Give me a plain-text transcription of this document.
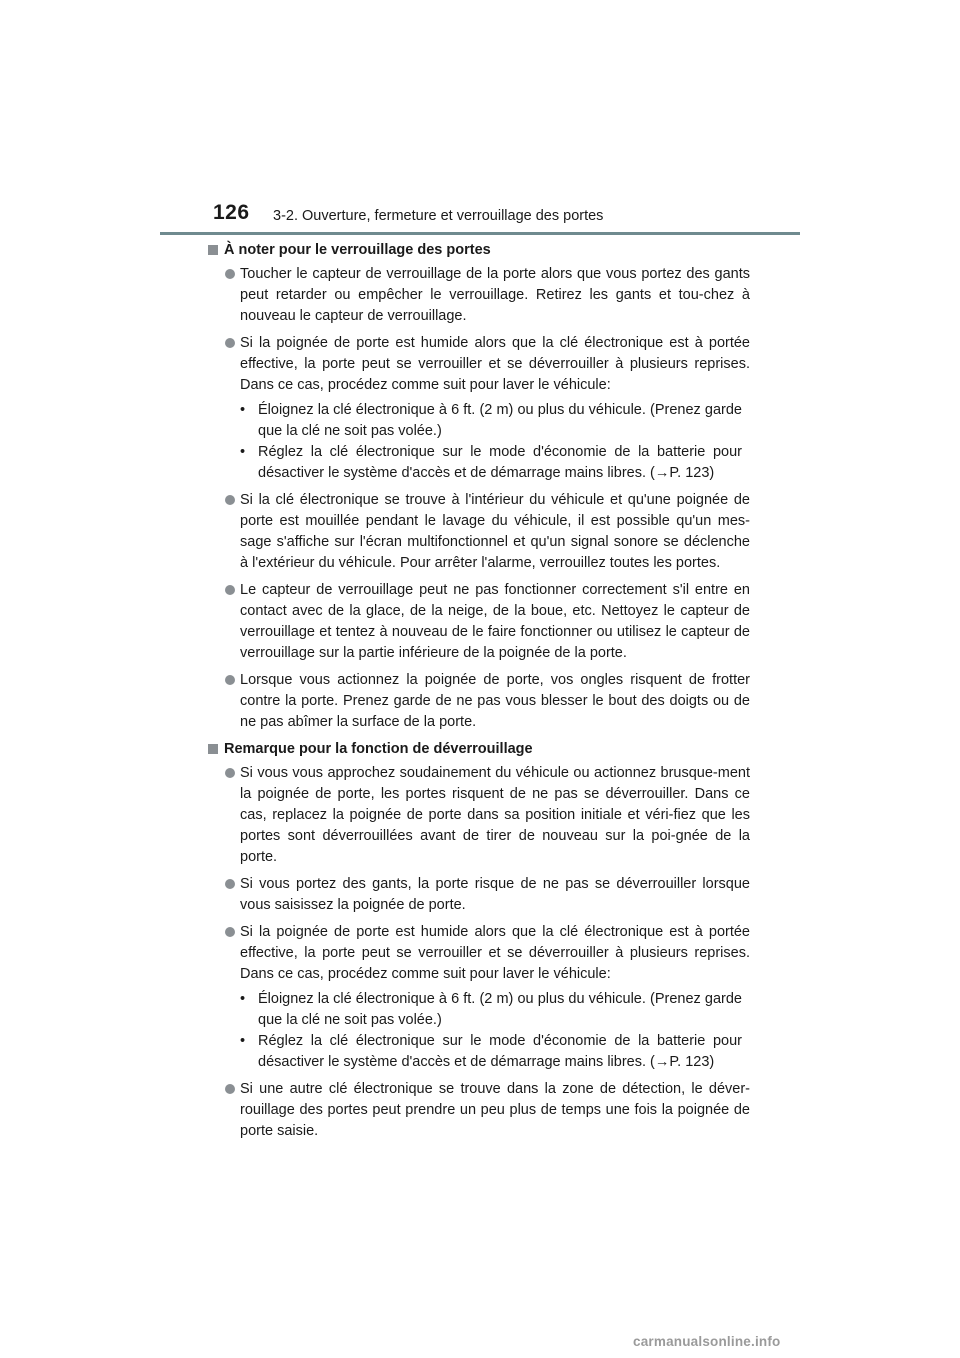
126 3-2. Ouverture, fermeture et verrouillage des portes
À noter pour le verrouillage des portes
Toucher le capteur de verrouillage de la porte alors que vous portez des gants peut retarder ou empêcher le verrouillage. Retirez les gants et tou-chez à nouveau le capteur de verrouillage.
Si la poignée de porte est humide alors que la clé électronique est à portée effective, la porte peut se verrouiller et se déverrouiller à plusieurs reprises. Dans ce cas, procédez comme suit pour laver le véhicule:
• Éloignez la clé électronique à 6 ft. (2 m) ou plus du véhicule. (Prenez garde que la clé ne soit pas volée.)
• Réglez la clé électronique sur le mode d'économie de la batterie pour désactiver le système d'accès et de démarrage mains libres. (→P. 123)
Si la clé électronique se trouve à l'intérieur du véhicule et qu'une poignée de porte est mouillée pendant le lavage du véhicule, il est possible qu'un mes-sage s'affiche sur l'écran multifonctionnel et qu'un signal sonore se déclenche à l'extérieur du véhicule. Pour arrêter l'alarme, verrouillez toutes les portes.
Le capteur de verrouillage peut ne pas fonctionner correctement s'il entre en contact avec de la glace, de la neige, de la boue, etc. Nettoyez le capteur de verrouillage et tentez à nouveau de le faire fonctionner ou utilisez le capteur de verrouillage sur la partie inférieure de la poignée de la porte.
Lorsque vous actionnez la poignée de porte, vos ongles risquent de frotter contre la porte. Prenez garde de ne pas vous blesser le bout des doigts ou de ne pas abîmer la surface de la porte.
Remarque pour la fonction de déverrouillage
Si vous vous approchez soudainement du véhicule ou actionnez brusque-ment la poignée de porte, les portes risquent de ne pas se déverrouiller. Dans ce cas, replacez la poignée de porte dans sa position initiale et véri-fiez que les portes sont déverrouillées avant de tirer de nouveau sur la poi-gnée de la porte.
Si vous portez des gants, la porte risque de ne pas se déverrouiller lorsque vous saisissez la poignée de porte.
Si la poignée de porte est humide alors que la clé électronique est à portée effective, la porte peut se verrouiller et se déverrouiller à plusieurs reprises. Dans ce cas, procédez comme suit pour laver le véhicule:
• Éloignez la clé électronique à 6 ft. (2 m) ou plus du véhicule. (Prenez garde que la clé ne soit pas volée.)
• Réglez la clé électronique sur le mode d'économie de la batterie pour désactiver le système d'accès et de démarrage mains libres. (→P. 123)
Si une autre clé électronique se trouve dans la zone de détection, le déver-rouillage des portes peut prendre un peu plus de temps une fois la poignée de porte saisie.
carmanualsonline.info
